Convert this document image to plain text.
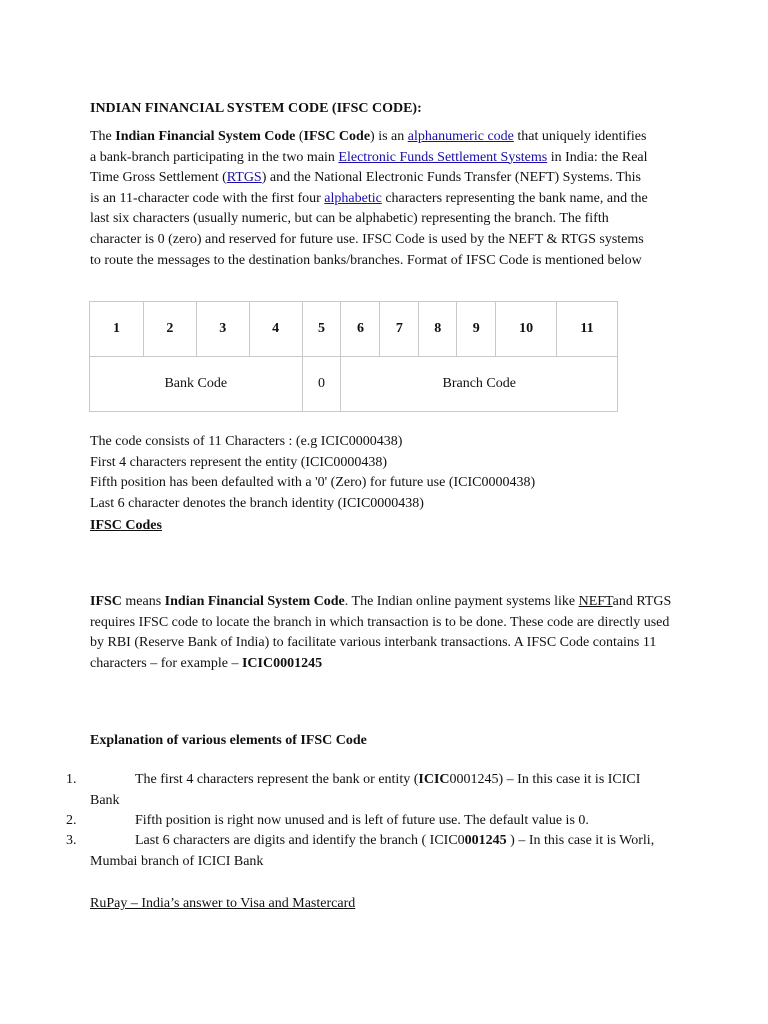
INDIAN FINANCIAL SYSTEM CODE (IFSC CODE):
The Indian Financial System Code (IFSC Code) is an alphanumeric code that uniquely identifies a bank-branch participating in the two main Electronic Funds Settlement Systems in India: the Real Time Gross Settlement (RTGS) and the National Electronic Funds Transfer (NEFT) Systems. This is an 11-character code with the first four alphabetic characters representing the bank name, and the last six characters (usually numeric, but can be alphabetic) representing the branch. The fifth character is 0 (zero) and reserved for future use. IFSC Code is used by the NEFT & RTGS systems to route the messages to the destination banks/branches. Format of IFSC Code is mentioned below
1	2	3	4	5	6	7	8	9	10	11
Bank Code				0	Branch Code					
The code consists of 11 Characters : (e.g ICIC0000438)
First 4 characters represent the entity (ICIC0000438)
Fifth position has been defaulted with a '0' (Zero) for future use (ICIC0000438)
Last 6 character denotes the branch identity (ICIC0000438)
IFSC Codes
IFSC means Indian Financial System Code. The Indian online payment systems like NEFTand RTGS requires IFSC code to locate the branch in which transaction is to be done. These code are directly used by RBI (Reserve Bank of India) to facilitate various interbank transactions. A IFSC Code contains 11 characters – for example – ICIC0001245
Explanation of various elements of IFSC Code
1.	The first 4 characters represent the bank or entity (ICIC0001245) – In this case it is ICICI Bank
2.	Fifth position is right now unused and is left of future use. The default value is 0.
3.	Last 6 characters are digits and identify the branch ( ICIC0001245 ) – In this case it is Worli, Mumbai branch of ICICI Bank
RuPay – India’s answer to Visa and Mastercard
